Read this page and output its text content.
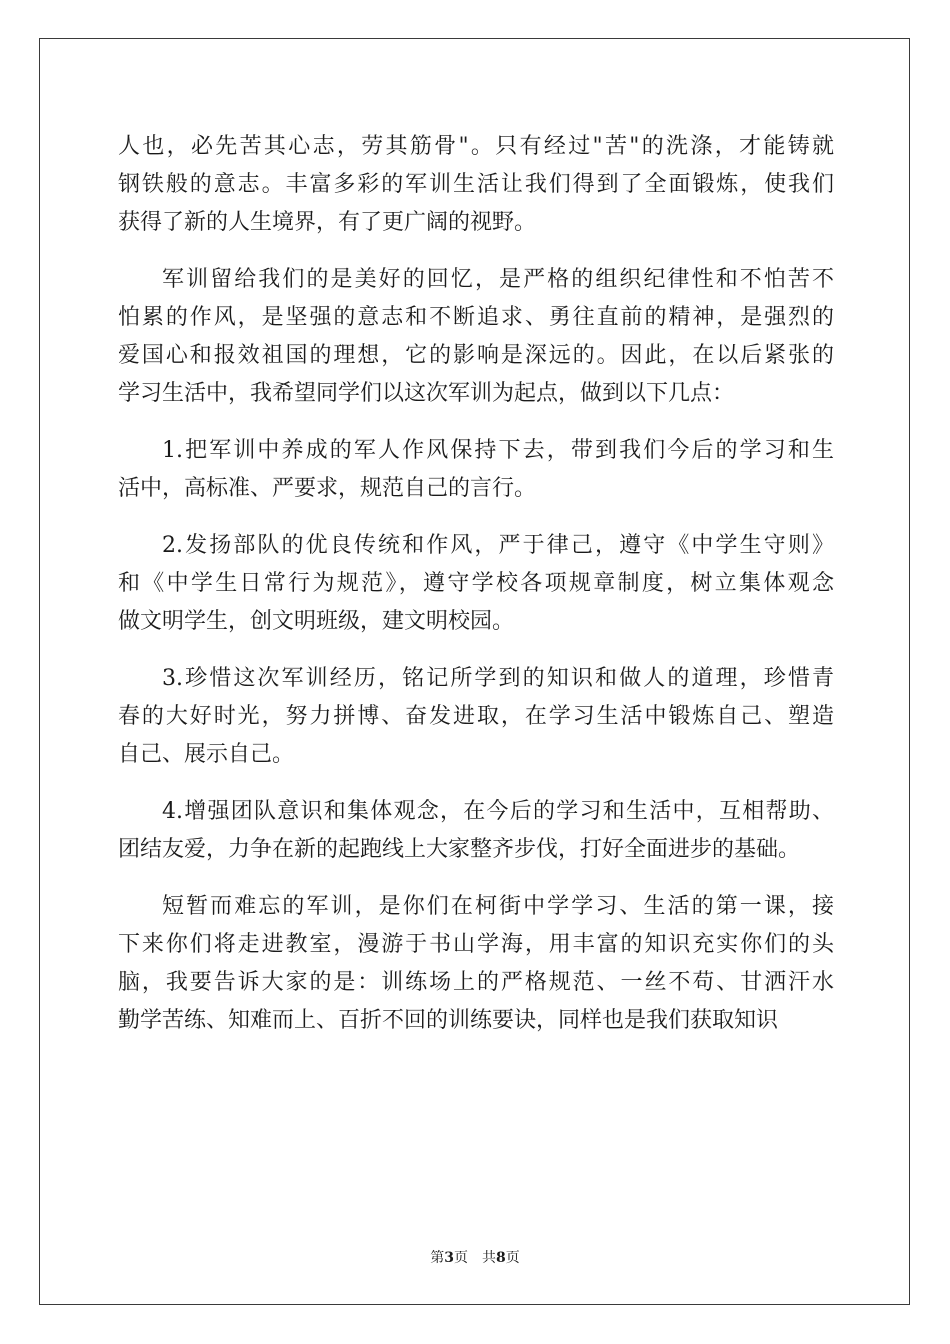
人也，必先苦其心志，劳其筋骨"。只有经过"苦"的洗涤，才能铸就
钢铁般的意志。丰富多彩的军训生活让我们得到了全面锻炼，使我们
获得了新的人生境界，有了更广阔的视野。
军训留给我们的是美好的回忆，是严格的组织纪律性和不怕苦不
怕累的作风，是坚强的意志和不断追求、勇往直前的精神，是强烈的
爱国心和报效祖国的理想，它的影响是深远的。因此，在以后紧张的
学习生活中，我希望同学们以这次军训为起点，做到以下几点：
1.把军训中养成的军人作风保持下去，带到我们今后的学习和生
活中，高标准、严要求，规范自己的言行。
2.发扬部队的优良传统和作风，严于律己，遵守《中学生守则》
和《中学生日常行为规范》，遵守学校各项规章制度，树立集体观念
做文明学生，创文明班级，建文明校园。
3.珍惜这次军训经历，铭记所学到的知识和做人的道理，珍惜青
春的大好时光，努力拼博、奋发进取，在学习生活中锻炼自己、塑造
自己、展示自己。
4.增强团队意识和集体观念，在今后的学习和生活中，互相帮助、
团结友爱，力争在新的起跑线上大家整齐步伐，打好全面进步的基础。
短暂而难忘的军训，是你们在柯街中学学习、生活的第一课，接
下来你们将走进教室，漫游于书山学海，用丰富的知识充实你们的头
脑，我要告诉大家的是：训练场上的严格规范、一丝不苟、甘洒汗水
勤学苦练、知难而上、百折不回的训练要诀，同样也是我们获取知识
第3页　共8页
